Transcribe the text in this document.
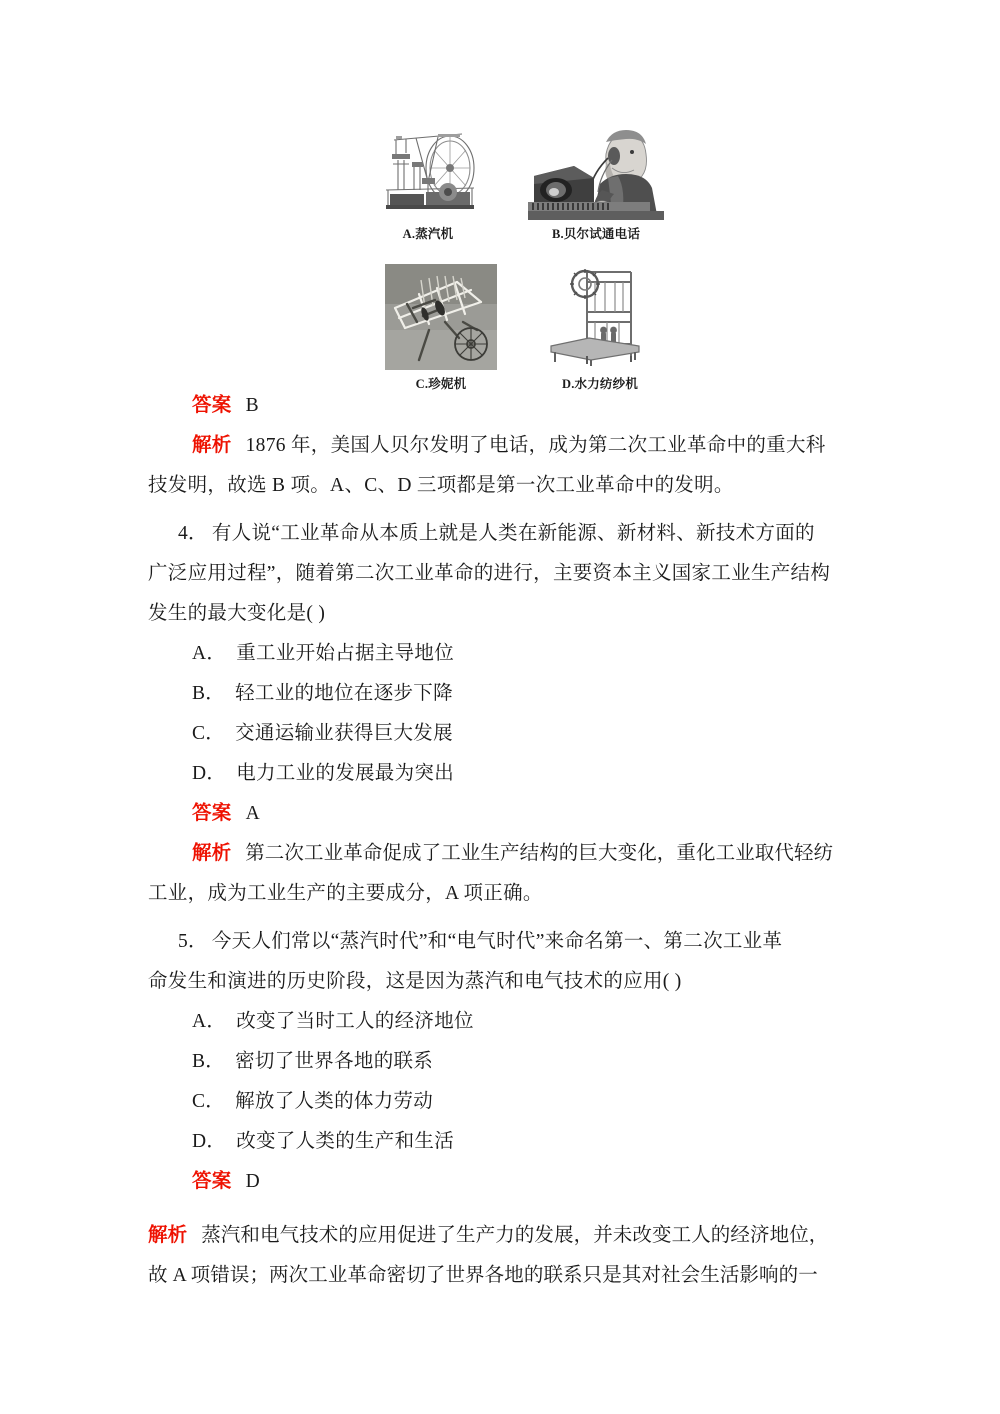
A.蒸汽机	B.贝尔试通电话
C.珍妮机	D.水力纺纱机
答案 B
解析 1876 年，美国人贝尔发明了电话，成为第二次工业革命中的重大科
技发明，故选 B 项。A、C、D 三项都是第一次工业革命中的发明。
4． 有人说“工业革命从本质上就是人类在新能源、新材料、新技术方面的
广泛应用过程”，随着第二次工业革命的进行，主要资本主义国家工业生产结构
发生的最大变化是( )
A． 重工业开始占据主导地位
B． 轻工业的地位在逐步下降
C． 交通运输业获得巨大发展
D． 电力工业的发展最为突出
答案 A
解析 第二次工业革命促成了工业生产结构的巨大变化，重化工业取代轻纺
工业，成为工业生产的主要成分，A 项正确。
5． 今天人们常以“蒸汽时代”和“电气时代”来命名第一、第二次工业革
命发生和演进的历史阶段，这是因为蒸汽和电气技术的应用( )
A． 改变了当时工人的经济地位
B． 密切了世界各地的联系
C． 解放了人类的体力劳动
D． 改变了人类的生产和生活
答案 D
解析 蒸汽和电气技术的应用促进了生产力的发展，并未改变工人的经济地位，
故 A 项错误；两次工业革命密切了世界各地的联系只是其对社会生活影响的一
